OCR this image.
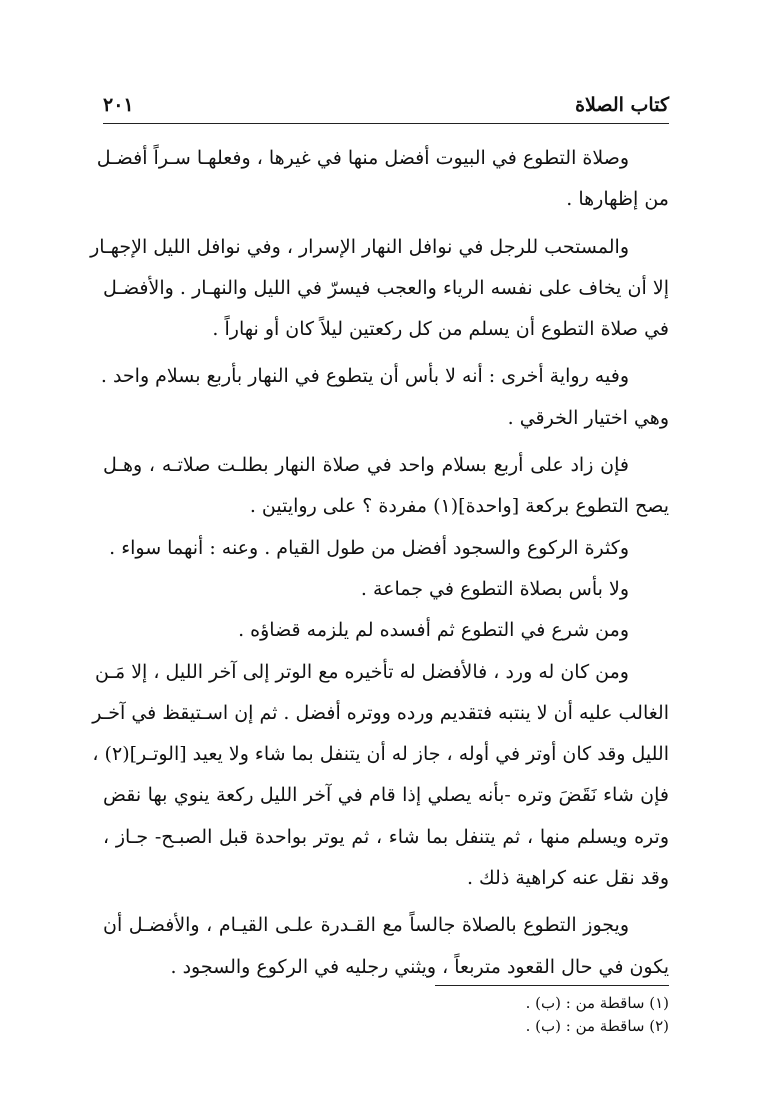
كتاب الصلاة
٢٠١
وصلاة التطوع في البيوت أفضل منها في غيرها ، وفعلهـا سـراً أفضـل
من إظهارها .
والمستحب للرجل في نوافل النهار الإسرار ، وفي نوافل الليل الإجهـار
إلا أن يخاف على نفسه الرياء والعجب فيسرّ في الليل والنهـار . والأفضـل
في صلاة التطوع أن يسلم من كل ركعتين ليلاً كان أو نهاراً .
وفيه رواية أخرى : أنه لا بأس أن يتطوع في النهار بأربع بسلام واحد .
وهي اختيار الخرقي .
فإن زاد على أربع بسلام واحد في صلاة النهار بطلـت صلاتـه ، وهـل
يصح التطوع بركعة [واحدة](١) مفردة ؟ على روايتين .
وكثرة الركوع والسجود أفضل من طول القيام . وعنه : أنهما سواء .
ولا بأس بصلاة التطوع في جماعة .
ومن شرع في التطوع ثم أفسده لم يلزمه قضاؤه .
ومن كان له ورد ، فالأفضل له تأخيره مع الوتر إلى آخر الليل ، إلا مَـن
الغالب عليه أن لا ينتبه فتقديم ورده ووتره أفضل . ثم إن اسـتيقظ في آخـر
الليل وقد كان أوتر في أوله ، جاز له أن يتنفل بما شاء ولا يعيد [الوتـر](٢) ،
فإن شاء نَقَضَ وتره -بأنه يصلي إذا قام في آخر الليل ركعة ينوي بها نقض
وتره ويسلم منها ، ثم يتنفل بما شاء ، ثم يوتر بواحدة قبل الصبـح- جـاز ،
وقد نقل عنه كراهية ذلك .
ويجوز التطوع بالصلاة جالساً مع القـدرة علـى القيـام ، والأفضـل أن
يكون في حال القعود متربعاً ، ويثني رجليه في الركوع والسجود .
(١) ساقطة من : (ب) .
(٢) ساقطة من : (ب) .
